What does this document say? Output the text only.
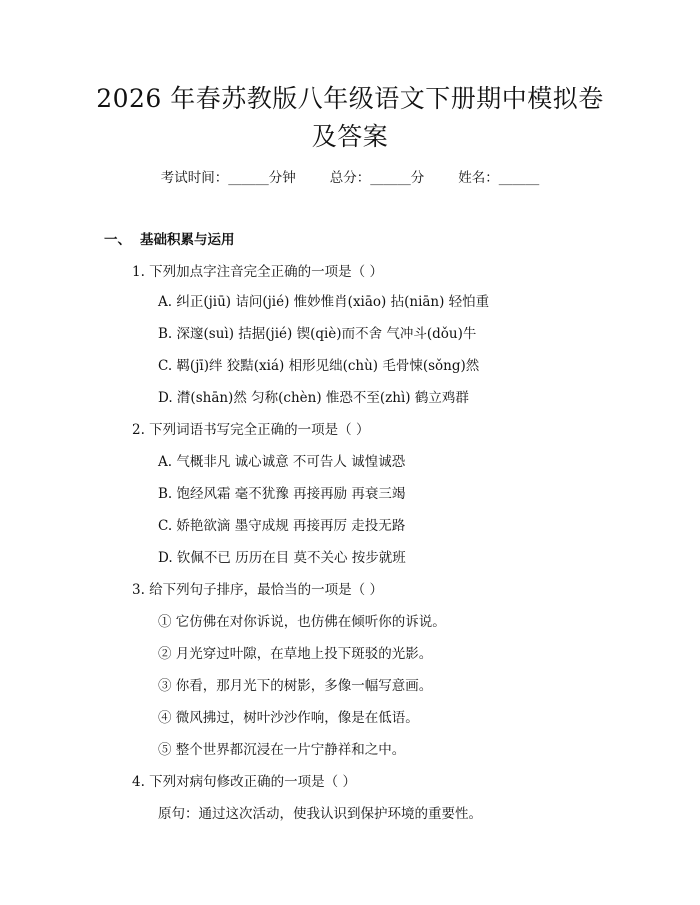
2026 年春苏教版八年级语文下册期中模拟卷
及答案
考试时间：______分钟	总分：______分	姓名：______
一、 基础积累与运用
1. 下列加点字注音完全正确的一项是（ ）
A. 纠正(jiū) 诘问(jié) 惟妙惟肖(xiāo) 拈(niān) 轻怕重
B. 深邃(suì) 拮据(jié) 锲(qiè)而不舍 气冲斗(dǒu)牛
C. 羁(jī)绊 狡黠(xiá) 相形见绌(chù) 毛骨悚(sǒng)然
D. 潸(shān)然 匀称(chèn) 惟恐不至(zhì) 鹤立鸡群
2. 下列词语书写完全正确的一项是（ ）
A. 气概非凡 诚心诚意 不可告人 诚惶诚恐
B. 饱经风霜 毫不犹豫 再接再励 再衰三竭
C. 娇艳欲滴 墨守成规 再接再厉 走投无路
D. 钦佩不已 历历在目 莫不关心 按步就班
3. 给下列句子排序，最恰当的一项是（ ）
① 它仿佛在对你诉说，也仿佛在倾听你的诉说。
② 月光穿过叶隙，在草地上投下斑驳的光影。
③ 你看，那月光下的树影，多像一幅写意画。
④ 微风拂过，树叶沙沙作响，像是在低语。
⑤ 整个世界都沉浸在一片宁静祥和之中。
4. 下列对病句修改正确的一项是（ ）
原句：通过这次活动，使我认识到保护环境的重要性。
